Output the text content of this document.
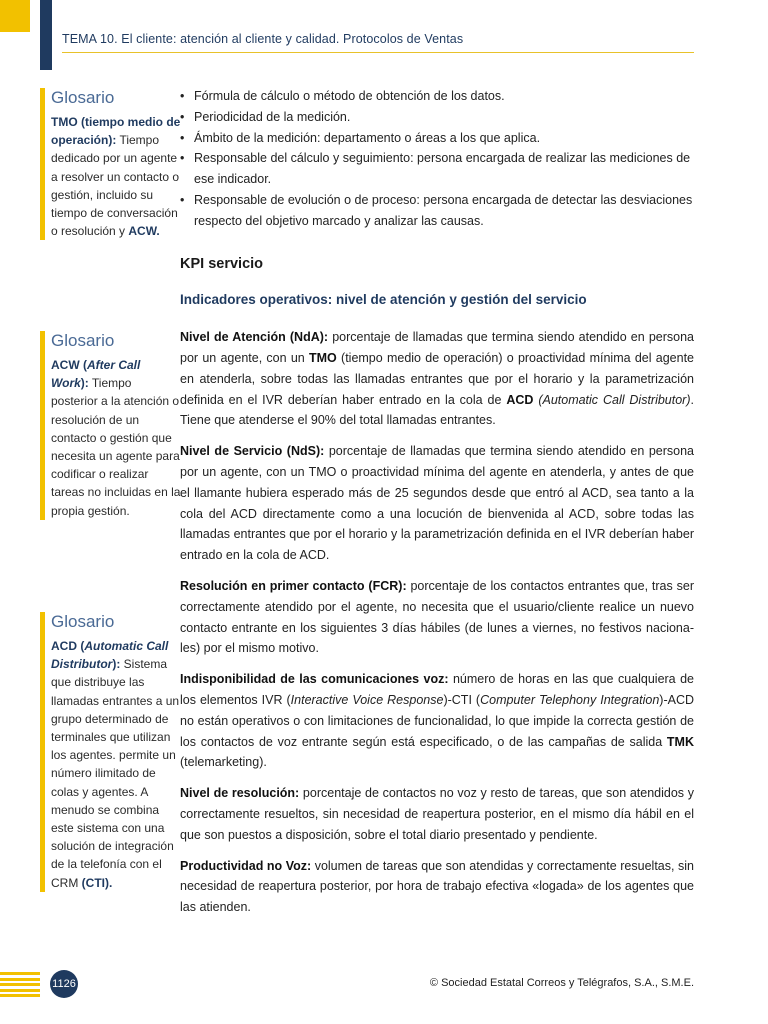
TEMA 10. El cliente: atención al cliente y calidad. Protocolos de Ventas
Glosario
TMO (tiempo medio de operación): Tiempo dedicado por un agente a resolver un contacto o gestión, incluido su tiempo de conversación o resolución y ACW.
Glosario
ACW (After Call Work): Tiempo posterior a la atención o resolución de un contacto o gestión que necesita un agente para codificar o realizar tareas no incluidas en la propia gestión.
Glosario
ACD (Automatic Call Distributor): Sistema que distribuye las llamadas entrantes a un grupo determinado de terminales que utilizan los agentes. permite un número ilimitado de colas y agentes. A menudo se combina este sistema con una solución de integración de la telefonía con el CRM (CTI).
• Fórmula de cálculo o método de obtención de los datos.
• Periodicidad de la medición.
• Ámbito de la medición: departamento o áreas a los que aplica.
• Responsable del cálculo y seguimiento: persona encargada de realizar las mediciones de ese indicador.
• Responsable de evolución o de proceso: persona encargada de detectar las desviaciones respecto del objetivo marcado y analizar las causas.
KPI servicio
Indicadores operativos: nivel de atención y gestión del servicio

Nivel de Atención (NdA): porcentaje de llamadas que termina siendo atendido en persona por un agente, con un TMO (tiempo medio de operación) o proactividad mínima del agente en atenderla, sobre todas las llamadas entrantes que por el horario y la parametrización definida en el IVR deberían haber entrado en la cola de ACD (Automatic Call Distributor). Tiene que atenderse el 90% del total llamadas entrantes.

Nivel de Servicio (NdS): porcentaje de llamadas que termina siendo atendido en persona por un agente, con un TMO o proactividad mínima del agente en atenderla, y antes de que el llamante hubiera esperado más de 25 segundos desde que entró al ACD, sea tanto a la cola del ACD directamente como a una locución de bienvenida al ACD, sobre todas las llamadas entrantes que por el horario y la parametrización definida en el IVR deberían haber entrado en la cola de ACD.

Resolución en primer contacto (FCR): porcentaje de los contactos entrantes que, tras ser correctamente atendido por el agente, no necesita que el usuario/cliente realice un nuevo contacto entrante en los siguientes 3 días hábiles (de lunes a viernes, no festivos naciona-les) por el mismo motivo.

Indisponibilidad de las comunicaciones voz: número de horas en las que cualquiera de los elementos IVR (Interactive Voice Response)-CTI (Computer Telephony Integration)-ACD no están operativos o con limitaciones de funcionalidad, lo que impide la correcta gestión de los contactos de voz entrante según está especificado, o de las campañas de salida TMK (telemarketing).

Nivel de resolución: porcentaje de contactos no voz y resto de tareas, que son atendidos y correctamente resueltos, sin necesidad de reapertura posterior, en el mismo día hábil en el que son puestos a disposición, sobre el total diario presentado y pendiente.

Productividad no Voz: volumen de tareas que son atendidas y correctamente resueltas, sin necesidad de reapertura posterior, por hora de trabajo efectiva «logada» de los agentes que las atienden.

1126	© Sociedad Estatal Correos y Telégrafos, S.A., S.M.E.
